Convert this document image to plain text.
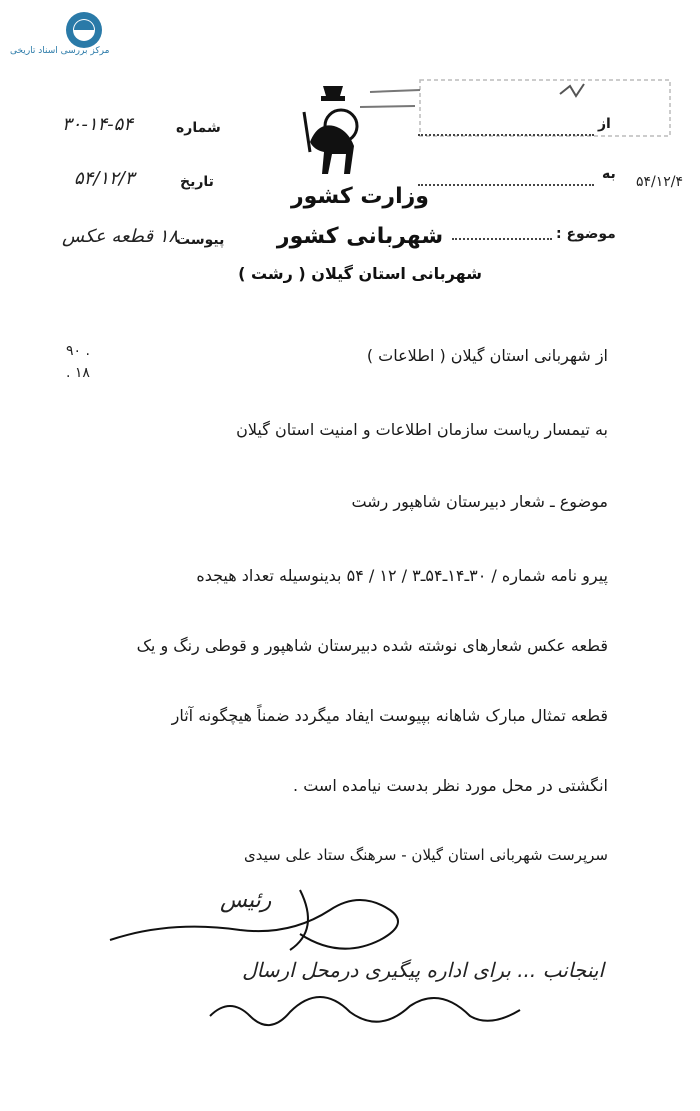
مرکز بررسی اسناد تاریخی
شماره
۳۰-۱۴-۵۴
تاریخ
۵۴/۱۲/۳
پیوست
۱۸ قطعه عکس
وزارت کشور
شهربانی کشور
شهربانی استان گیلان ( رشت )
از
به
موضوع :
۹۰ . . ۱۸
۵۴/۱۲/۴
از شهربانی استان گیلان ( اطلاعات )
به تیمسار ریاست سازمان اطلاعات و امنیت استان گیلان
موضوع ـ شعار دبیرستان شاهپور رشت
پیرو نامه شماره / ۳۰ـ۱۴ـ۵۴ـ۳ / ۱۲ / ۵۴ بدینوسیله تعداد هیجده
قطعه عکس شعارهای نوشته شده دبیرستان شاهپور و قوطی رنگ و یک
قطعه تمثال مبارک شاهانه بپیوست ایفاد میگردد ضمناً هیچگونه آثار
انگشتی در محل مورد نظر بدست نیامده است .
سرپرست شهربانی استان گیلان - سرهنگ ستاد علی سیدی
رئیس
اینجانب ... برای اداره پیگیری درمحل ارسال
